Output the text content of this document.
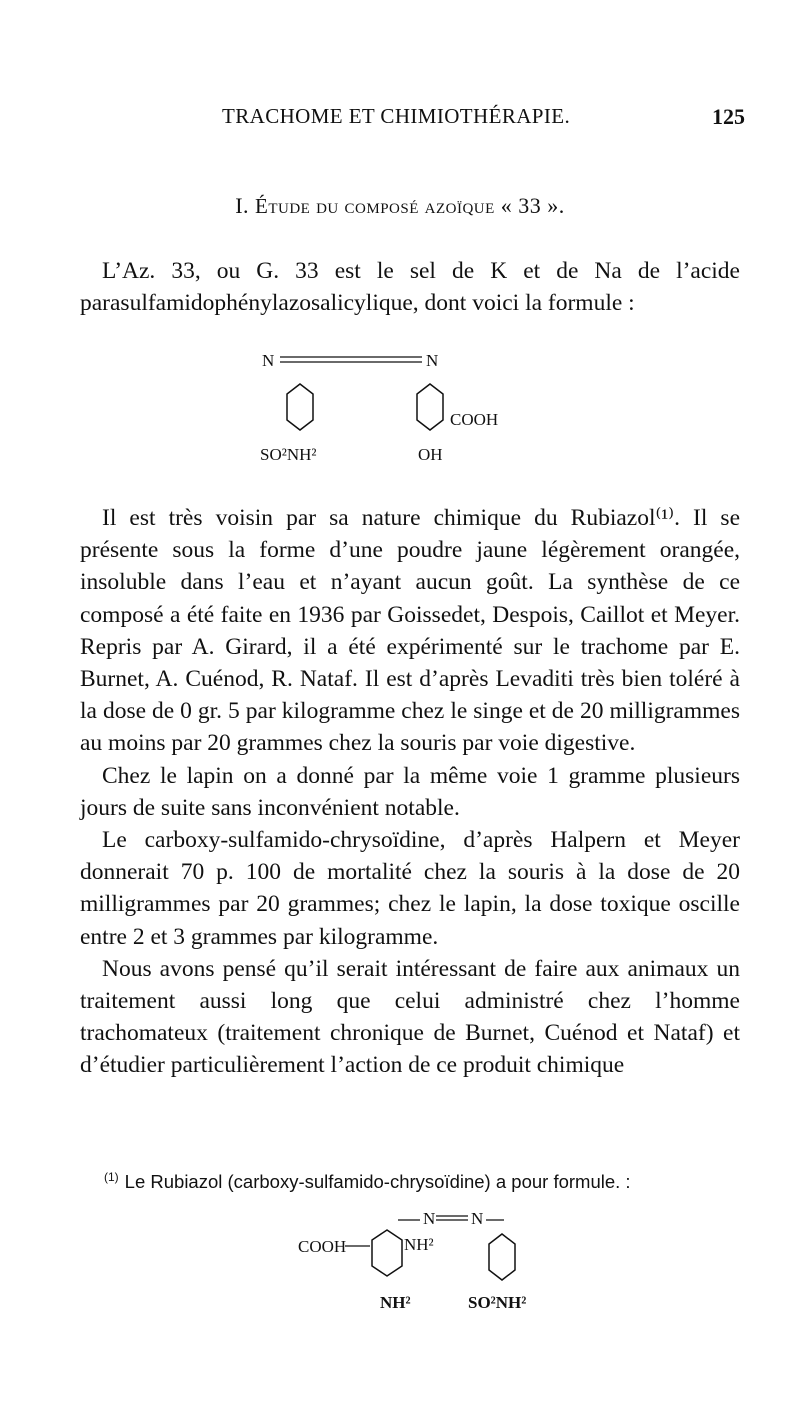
TRACHOME ET CHIMIOTHÉRAPIE.	125
I. Étude du composé azoïque « 33 ».

L’Az. 33, ou G. 33 est le sel de K et de Na de l’acide parasulfamidophénylazosalicylique, dont voici la formule :

N	N
COOH
SO²NH²	OH

Il est très voisin par sa nature chimique du Rubiazol⁽¹⁾. Il se présente sous la forme d’une poudre jaune légèrement orangée, insoluble dans l’eau et n’ayant aucun goût. La synthèse de ce composé a été faite en 1936 par Goissedet, Despois, Caillot et Meyer. Repris par A. Girard, il a été expérimenté sur le trachome par E. Burnet, A. Cuénod, R. Nataf. Il est d’après Levaditi très bien toléré à la dose de 0 gr. 5 par kilogramme chez le singe et de 20 milligrammes au moins par 20 grammes chez la souris par voie digestive.

Chez le lapin on a donné par la même voie 1 gramme plusieurs jours de suite sans inconvénient notable.

Le carboxy-sulfamido-chrysoïdine, d’après Halpern et Meyer donnerait 70 p. 100 de mortalité chez la souris à la dose de 20 milligrammes par 20 grammes; chez le lapin, la dose toxique oscille entre 2 et 3 grammes par kilogramme.

Nous avons pensé qu’il serait intéressant de faire aux animaux un traitement aussi long que celui administré chez l’homme trachomateux (traitement chronique de Burnet, Cuénod et Nataf) et d’étudier particulièrement l’action de ce produit chimique

$^{(1)}$ Le Rubiazol (carboxy-sulfamido-chrysoïdine) a pour formule. :
COOH
N N
NH²
NH²	SO²NH²
